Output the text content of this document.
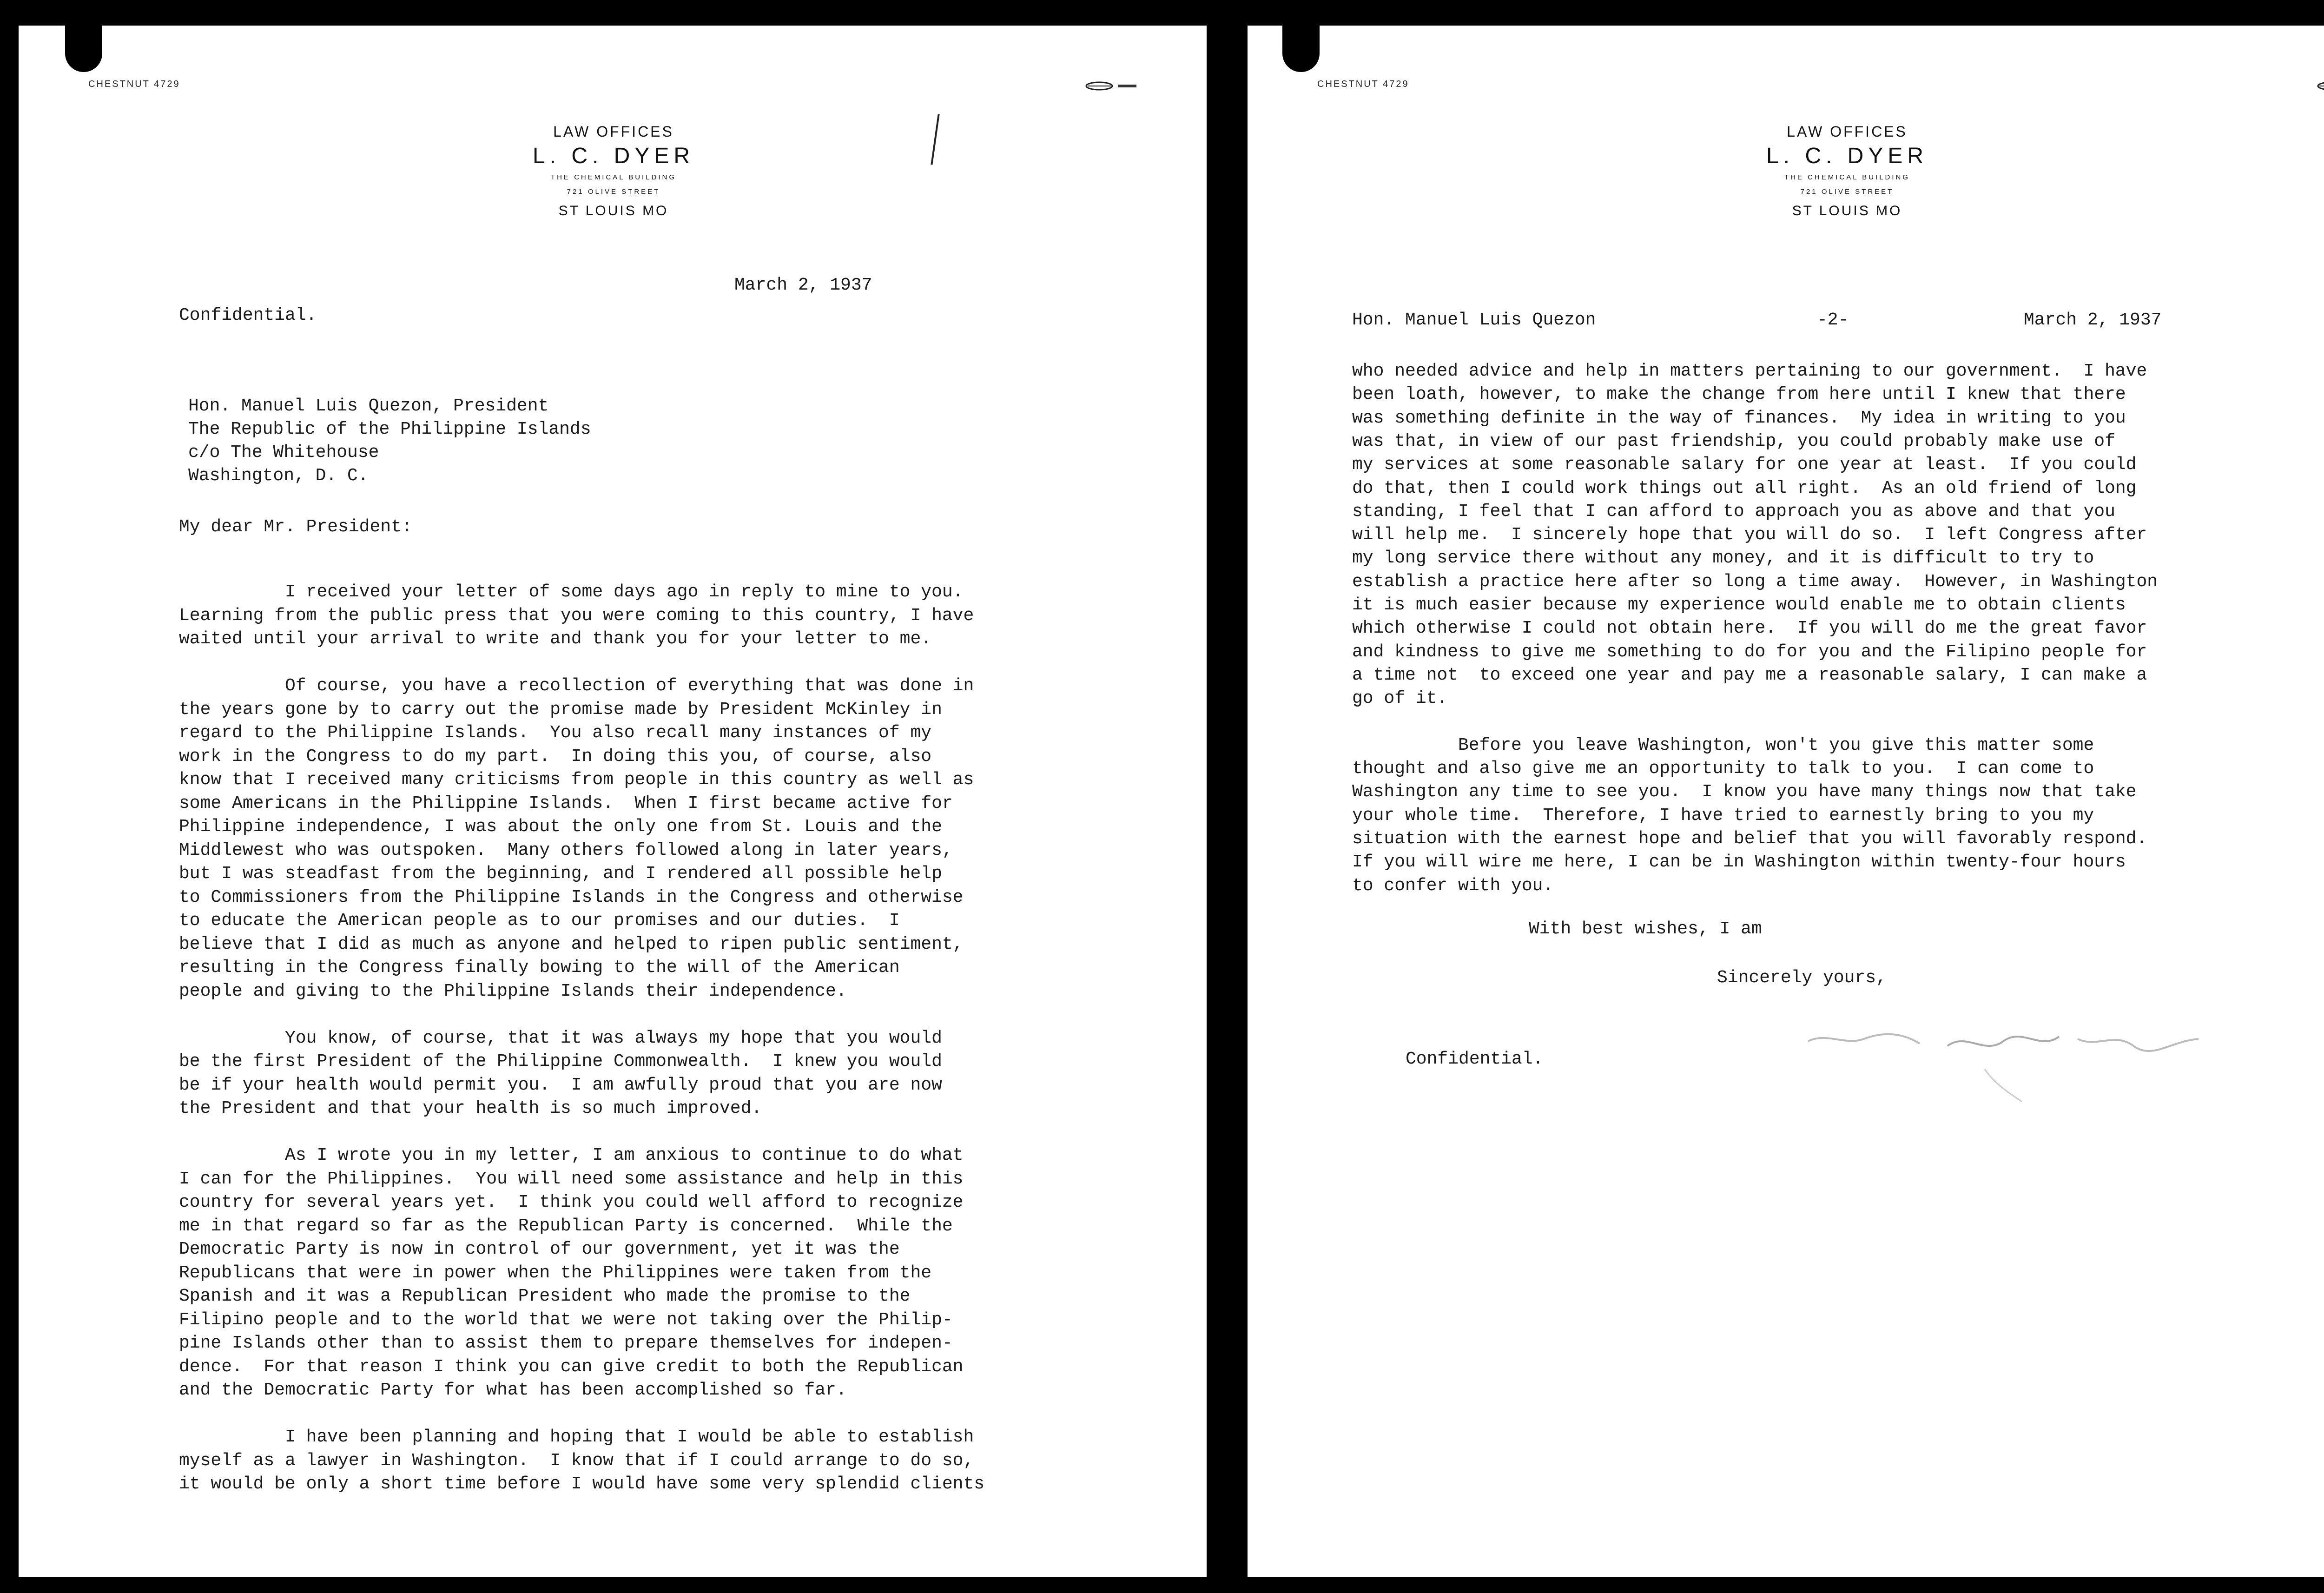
CHESTNUT 4729
LAW OFFICES
L. C. DYER
THE CHEMICAL BUILDING
721 OLIVE STREET
ST LOUIS MO
March 2, 1937
Confidential.
Hon. Manuel Luis Quezon, President
The Republic of the Philippine Islands
c/o The Whitehouse
Washington, D. C.
My dear Mr. President:
I received your letter of some days ago in reply to mine to you.
Learning from the public press that you were coming to this country, I have
waited until your arrival to write and thank you for your letter to me.
Of course, you have a recollection of everything that was done in
the years gone by to carry out the promise made by President McKinley in
regard to the Philippine Islands.  You also recall many instances of my
work in the Congress to do my part.  In doing this you, of course, also
know that I received many criticisms from people in this country as well as
some Americans in the Philippine Islands.  When I first became active for
Philippine independence, I was about the only one from St. Louis and the
Middlewest who was outspoken.  Many others followed along in later years,
but I was steadfast from the beginning, and I rendered all possible help
to Commissioners from the Philippine Islands in the Congress and otherwise
to educate the American people as to our promises and our duties.  I
believe that I did as much as anyone and helped to ripen public sentiment,
resulting in the Congress finally bowing to the will of the American
people and giving to the Philippine Islands their independence.
You know, of course, that it was always my hope that you would
be the first President of the Philippine Commonwealth.  I knew you would
be if your health would permit you.  I am awfully proud that you are now
the President and that your health is so much improved.
As I wrote you in my letter, I am anxious to continue to do what
I can for the Philippines.  You will need some assistance and help in this
country for several years yet.  I think you could well afford to recognize
me in that regard so far as the Republican Party is concerned.  While the
Democratic Party is now in control of our government, yet it was the
Republicans that were in power when the Philippines were taken from the
Spanish and it was a Republican President who made the promise to the
Filipino people and to the world that we were not taking over the Philip-
pine Islands other than to assist them to prepare themselves for indepen-
dence.  For that reason I think you can give credit to both the Republican
and the Democratic Party for what has been accomplished so far.
I have been planning and hoping that I would be able to establish
myself as a lawyer in Washington.  I know that if I could arrange to do so,
it would be only a short time before I would have some very splendid clients
CHESTNUT 4729
LAW OFFICES
L. C. DYER
THE CHEMICAL BUILDING
721 OLIVE STREET
ST LOUIS MO
Hon. Manuel Luis Quezon	-2-	March 2, 1937
who needed advice and help in matters pertaining to our government.  I have
been loath, however, to make the change from here until I knew that there
was something definite in the way of finances.  My idea in writing to you
was that, in view of our past friendship, you could probably make use of
my services at some reasonable salary for one year at least.  If you could
do that, then I could work things out all right.  As an old friend of long
standing, I feel that I can afford to approach you as above and that you
will help me.  I sincerely hope that you will do so.  I left Congress after
my long service there without any money, and it is difficult to try to
establish a practice here after so long a time away.  However, in Washington
it is much easier because my experience would enable me to obtain clients
which otherwise I could not obtain here.  If you will do me the great favor
and kindness to give me something to do for you and the Filipino people for
a time not  to exceed one year and pay me a reasonable salary, I can make a
go of it.
Before you leave Washington, won't you give this matter some
thought and also give me an opportunity to talk to you.  I can come to
Washington any time to see you.  I know you have many things now that take
your whole time.  Therefore, I have tried to earnestly bring to you my
situation with the earnest hope and belief that you will favorably respond.
If you will wire me here, I can be in Washington within twenty-four hours
to confer with you.
With best wishes, I am
Sincerely yours,
Confidential.
